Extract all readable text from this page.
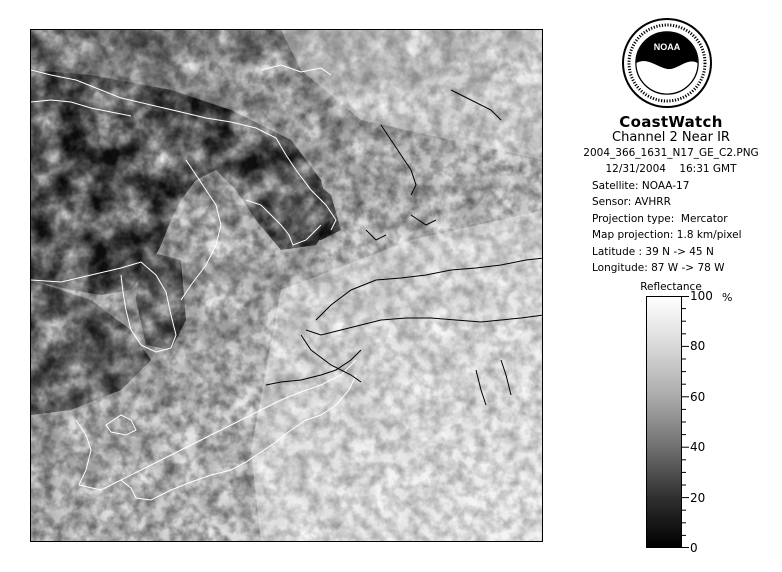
NOAA
CoastWatch
Channel 2 Near IR
2004_366_1631_N17_GE_C2.PNG
12/31/2004    16:31 GMT
Satellite: NOAA-17
Sensor: AVHRR
Projection type:  Mercator
Map projection: 1.8 km/pixel
Latitude : 39 N -> 45 N
Longitude: 87 W -> 78 W
Reflectance
%
100
80
60
40
20
0
